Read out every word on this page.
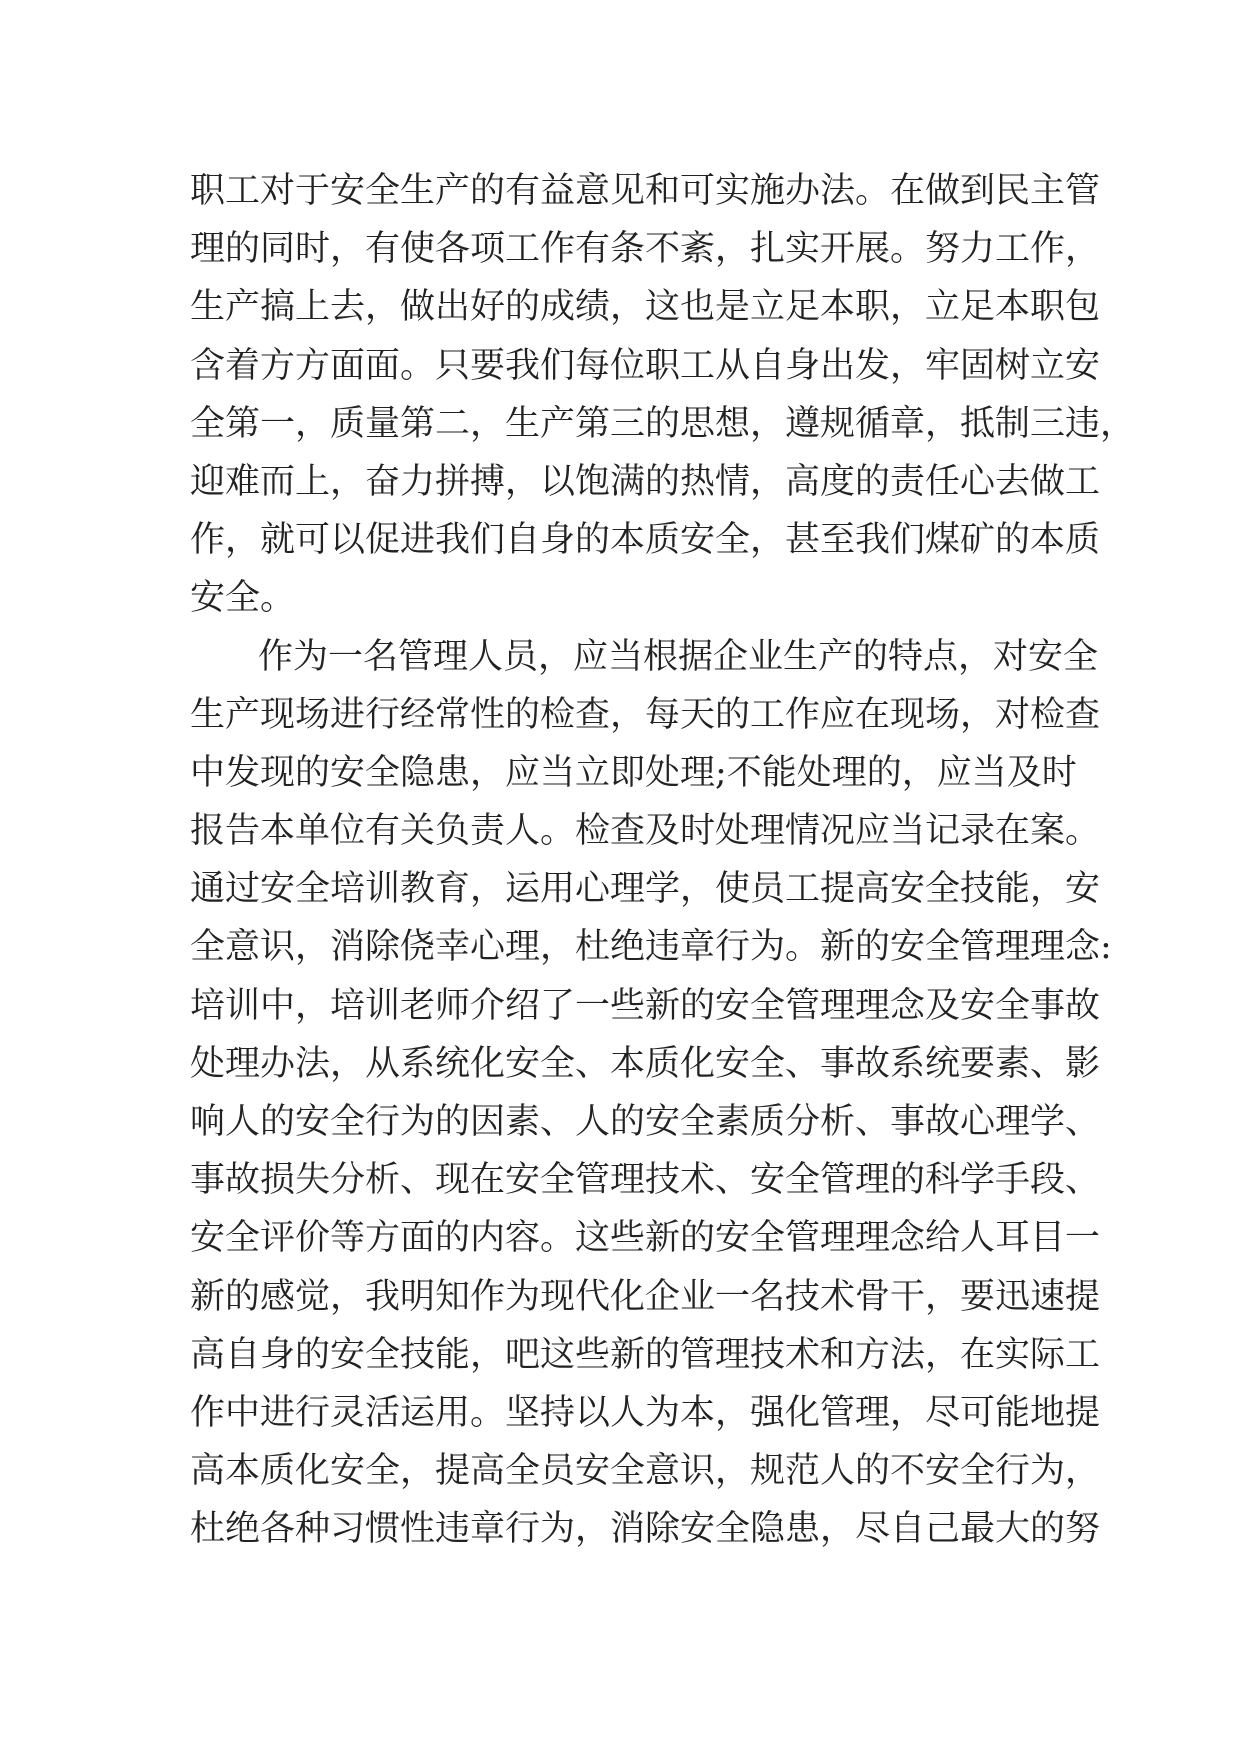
职工对于安全生产的有益意见和可实施办法。在做到民主管
理的同时，有使各项工作有条不紊，扎实开展。努力工作，
生产搞上去，做出好的成绩，这也是立足本职，立足本职包
含着方方面面。只要我们每位职工从自身出发，牢固树立安
全第一，质量第二，生产第三的思想，遵规循章，抵制三违，
迎难而上，奋力拼搏，以饱满的热情，高度的责任心去做工
作，就可以促进我们自身的本质安全，甚至我们煤矿的本质
安全。
作为一名管理人员，应当根据企业生产的特点，对安全
生产现场进行经常性的检查，每天的工作应在现场，对检查
中发现的安全隐患，应当立即处理;不能处理的，应当及时
报告本单位有关负责人。检查及时处理情况应当记录在案。
通过安全培训教育，运用心理学，使员工提高安全技能，安
全意识，消除侥幸心理，杜绝违章行为。新的安全管理理念:
培训中，培训老师介绍了一些新的安全管理理念及安全事故
处理办法，从系统化安全、本质化安全、事故系统要素、影
响人的安全行为的因素、人的安全素质分析、事故心理学、
事故损失分析、现在安全管理技术、安全管理的科学手段、
安全评价等方面的内容。这些新的安全管理理念给人耳目一
新的感觉，我明知作为现代化企业一名技术骨干，要迅速提
高自身的安全技能，吧这些新的管理技术和方法，在实际工
作中进行灵活运用。坚持以人为本，强化管理，尽可能地提
高本质化安全，提高全员安全意识，规范人的不安全行为，
杜绝各种习惯性违章行为，消除安全隐患，尽自己最大的努
